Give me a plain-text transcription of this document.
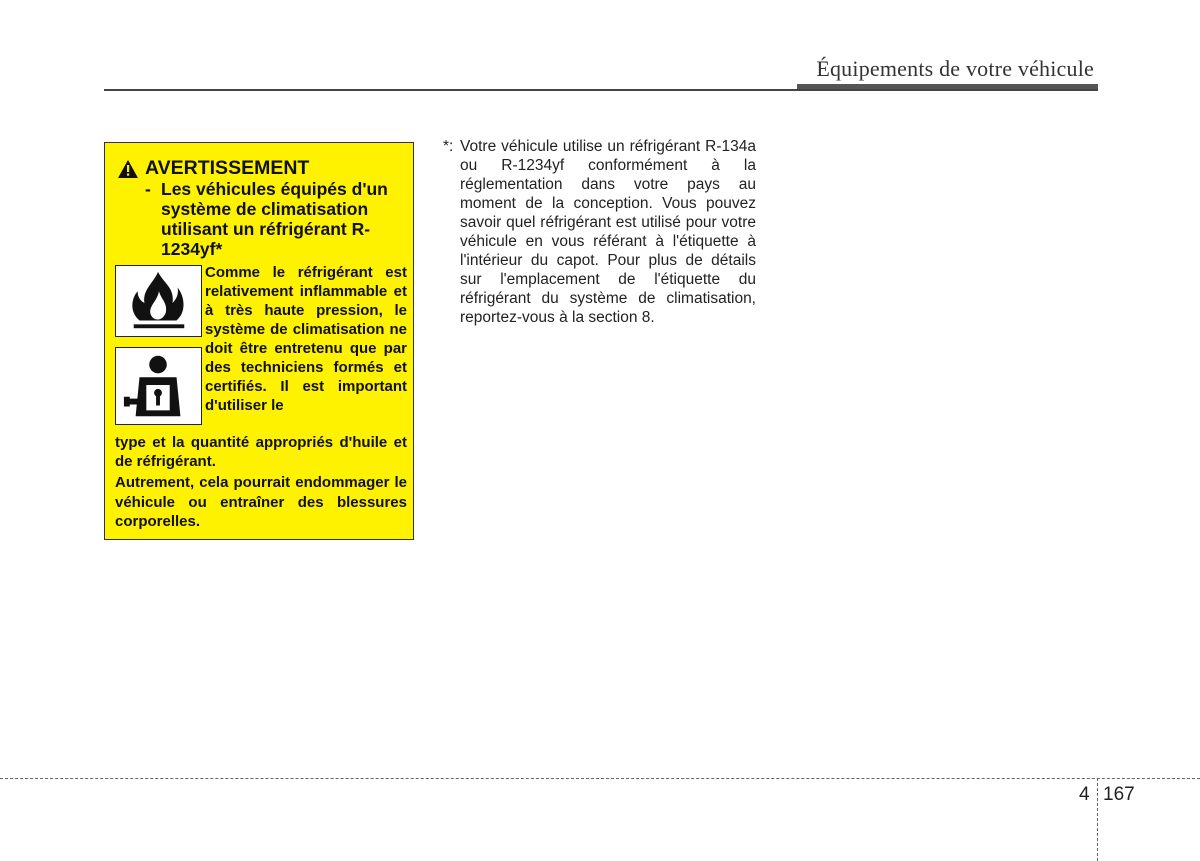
Équipements de votre véhicule
AVERTISSEMENT
- Les véhicules équipés d'un système de climatisation utilisant un réfrigérant R-1234yf*
Comme le réfrigérant est relativement inflammable et à très haute pression, le système de climatisation ne doit être entretenu que par des techniciens formés et certifiés. Il est important d'utiliser le
type et la quantité appropriés d'huile et de réfrigérant.
Autrement, cela pourrait endommager le véhicule ou entraîner des blessures corporelles.
*: Votre véhicule utilise un réfrigérant R-134a ou R-1234yf conformément à la réglementation dans votre pays au moment de la conception. Vous pouvez savoir quel réfrigérant est utilisé pour votre véhicule en vous référant à l'étiquette à l'intérieur du capot. Pour plus de détails sur l'emplacement de l'étiquette du réfrigérant du système de climatisation, reportez-vous à la section 8.
4 167
